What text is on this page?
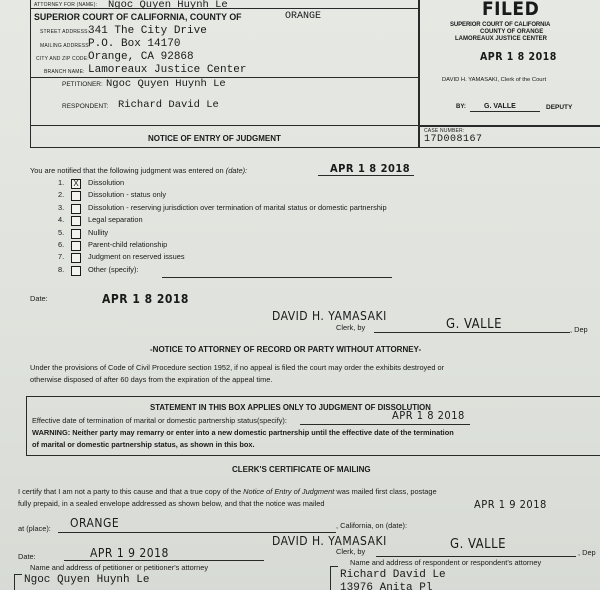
ATTORNEY FOR (NAME): Ngoc Quyen Huynh Le
SUPERIOR COURT OF CALIFORNIA, COUNTY OF	ORANGE
STREET ADDRESS:
341 The City Drive
MAILING ADDRESS:
P.O. Box 14170
CITY AND ZIP CODE: Orange, CA 92868
BRANCH NAME: Lamoreaux Justice Center
PETITIONER: Ngoc Quyen Huynh Le
RESPONDENT: Richard David Le
NOTICE OF ENTRY OF JUDGMENT
CASE NUMBER:
17D008167
FILED
SUPERIOR COURT OF CALIFORNIA
COUNTY OF ORANGE
LAMOREAUX JUSTICE CENTER
APR 1 8 2018
DAVID H. YAMASAKI, Clerk of the Court
BY:	G. VALLE	DEPUTY
You are notified that the following judgment was entered on (date):	APR 1 8 2018
1. X	Dissolution
2.	Dissolution - status only
3.	Dissolution - reserving jurisdiction over termination of marital status or domestic partnership
4.	Legal separation
5.	Nullity
6.	Parent-child relationship
7.	Judgment on reserved issues
8.	Other (specify):
Date:	APR 1 8 2018
DAVID H. YAMASAKI
Clerk, by	G. VALLE	, Dep
-NOTICE TO ATTORNEY OF RECORD OR PARTY WITHOUT ATTORNEY-
Under the provisions of Code of Civil Procedure section 1952, if no appeal is filed the court may order the exhibits destroyed or
otherwise disposed of after 60 days from the expiration of the appeal time.
STATEMENT IN THIS BOX APPLIES ONLY TO JUDGMENT OF DISSOLUTION
Effective date of termination of marital or domestic partnership status(specify):	APR 1 8 2018
WARNING: Neither party may remarry or enter into a new domestic partnership until the effective date of the termination
of marital or domestic partnership status, as shown in this box.
CLERK'S CERTIFICATE OF MAILING
I certify that I am not a party to this cause and that a true copy of the Notice of Entry of Judgment was mailed first class, postage
fully prepaid, in a sealed envelope addressed as shown below, and that the notice was mailed	APR 1 9 2018
at (place): ORANGE	, California, on (date):
Date:	APR 1 9 2018
DAVID H. YAMASAKI
Clerk, by	G. VALLE
, Dep
Name and address of petitioner or petitioner's attorney
Ngoc Quyen Huynh Le
Name and address of respondent or respondent's attorney
Richard David Le
13976 Anita Pl
